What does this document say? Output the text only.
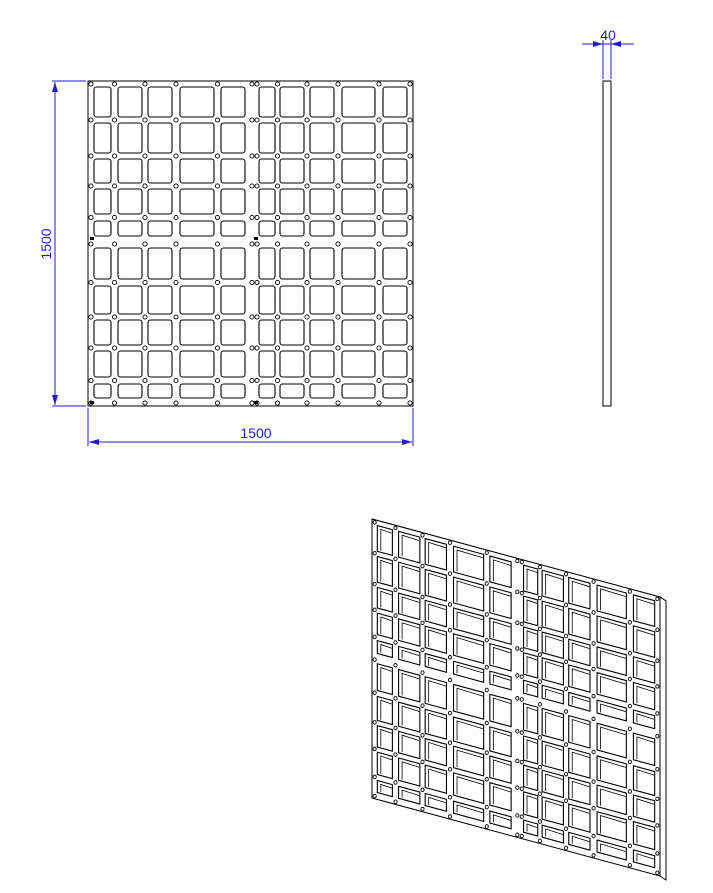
1500
1500
40
